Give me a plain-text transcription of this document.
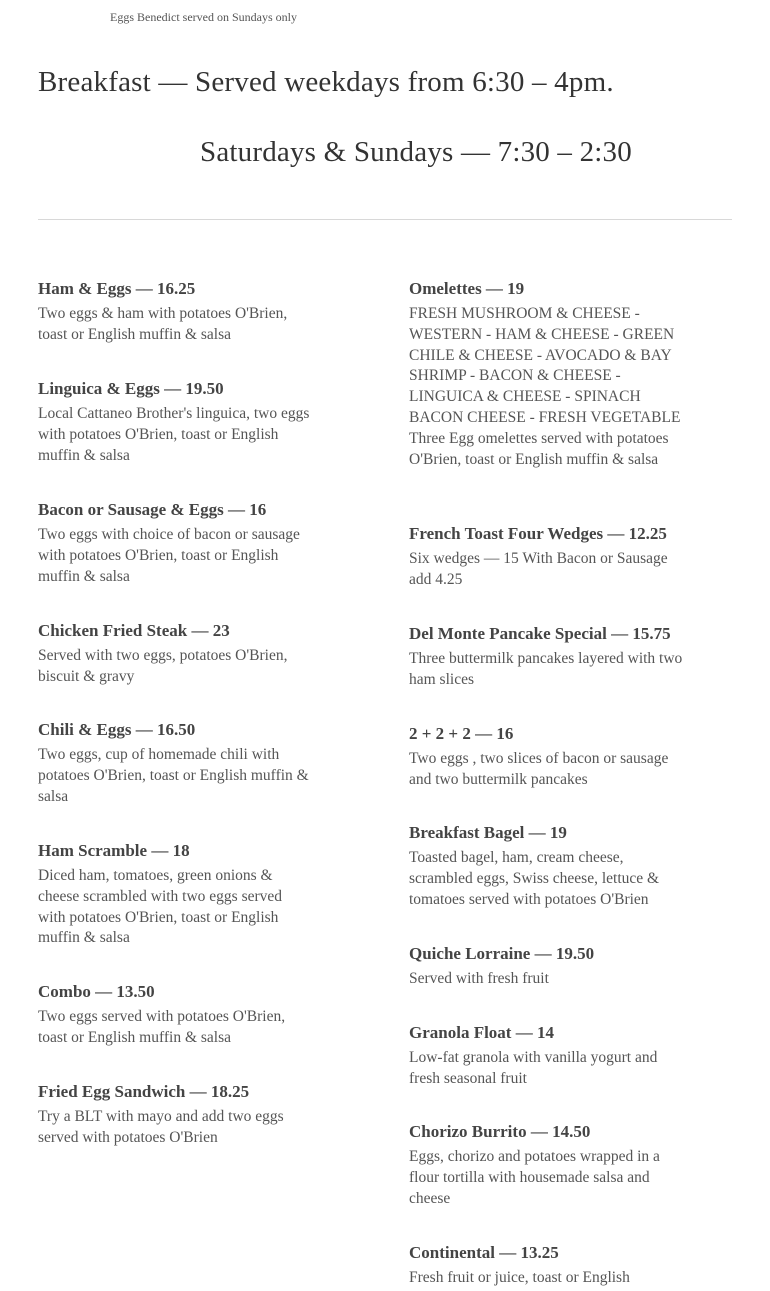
Eggs Benedict served on Sundays only
Breakfast — Served weekdays from 6:30 – 4pm.
Saturdays & Sundays — 7:30 – 2:30
Ham & Eggs — 16.25
Two eggs & ham with potatoes O'Brien, toast or English muffin & salsa
Linguica & Eggs — 19.50
Local Cattaneo Brother's linguica, two eggs with potatoes O'Brien, toast or English muffin & salsa
Bacon or Sausage & Eggs — 16
Two eggs with choice of bacon or sausage with potatoes O'Brien, toast or English muffin & salsa
Chicken Fried Steak — 23
Served with two eggs, potatoes O'Brien, biscuit & gravy
Chili & Eggs — 16.50
Two eggs, cup of homemade chili with potatoes O'Brien, toast or English muffin & salsa
Ham Scramble — 18
Diced ham, tomatoes, green onions & cheese scrambled with two eggs served with potatoes O'Brien, toast or English muffin & salsa
Combo — 13.50
Two eggs served with potatoes O'Brien, toast or English muffin & salsa
Fried Egg Sandwich — 18.25
Try a BLT with mayo and add two eggs served with potatoes O'Brien
Omelettes — 19
FRESH MUSHROOM & CHEESE - WESTERN - HAM & CHEESE - GREEN CHILE & CHEESE - AVOCADO & BAY SHRIMP - BACON & CHEESE - LINGUICA & CHEESE - SPINACH BACON CHEESE - FRESH VEGETABLE Three Egg omelettes served with potatoes O'Brien, toast or English muffin & salsa
French Toast Four Wedges — 12.25
Six wedges — 15 With Bacon or Sausage add 4.25
Del Monte Pancake Special — 15.75
Three buttermilk pancakes layered with two ham slices
2 + 2 + 2 — 16
Two eggs , two slices of bacon or sausage and two buttermilk pancakes
Breakfast Bagel — 19
Toasted bagel, ham, cream cheese, scrambled eggs, Swiss cheese, lettuce & tomatoes served with potatoes O'Brien
Quiche Lorraine — 19.50
Served with fresh fruit
Granola Float — 14
Low-fat granola with vanilla yogurt and fresh seasonal fruit
Chorizo Burrito — 14.50
Eggs, chorizo and potatoes wrapped in a flour tortilla with housemade salsa and cheese
Continental — 13.25
Fresh fruit or juice, toast or English
